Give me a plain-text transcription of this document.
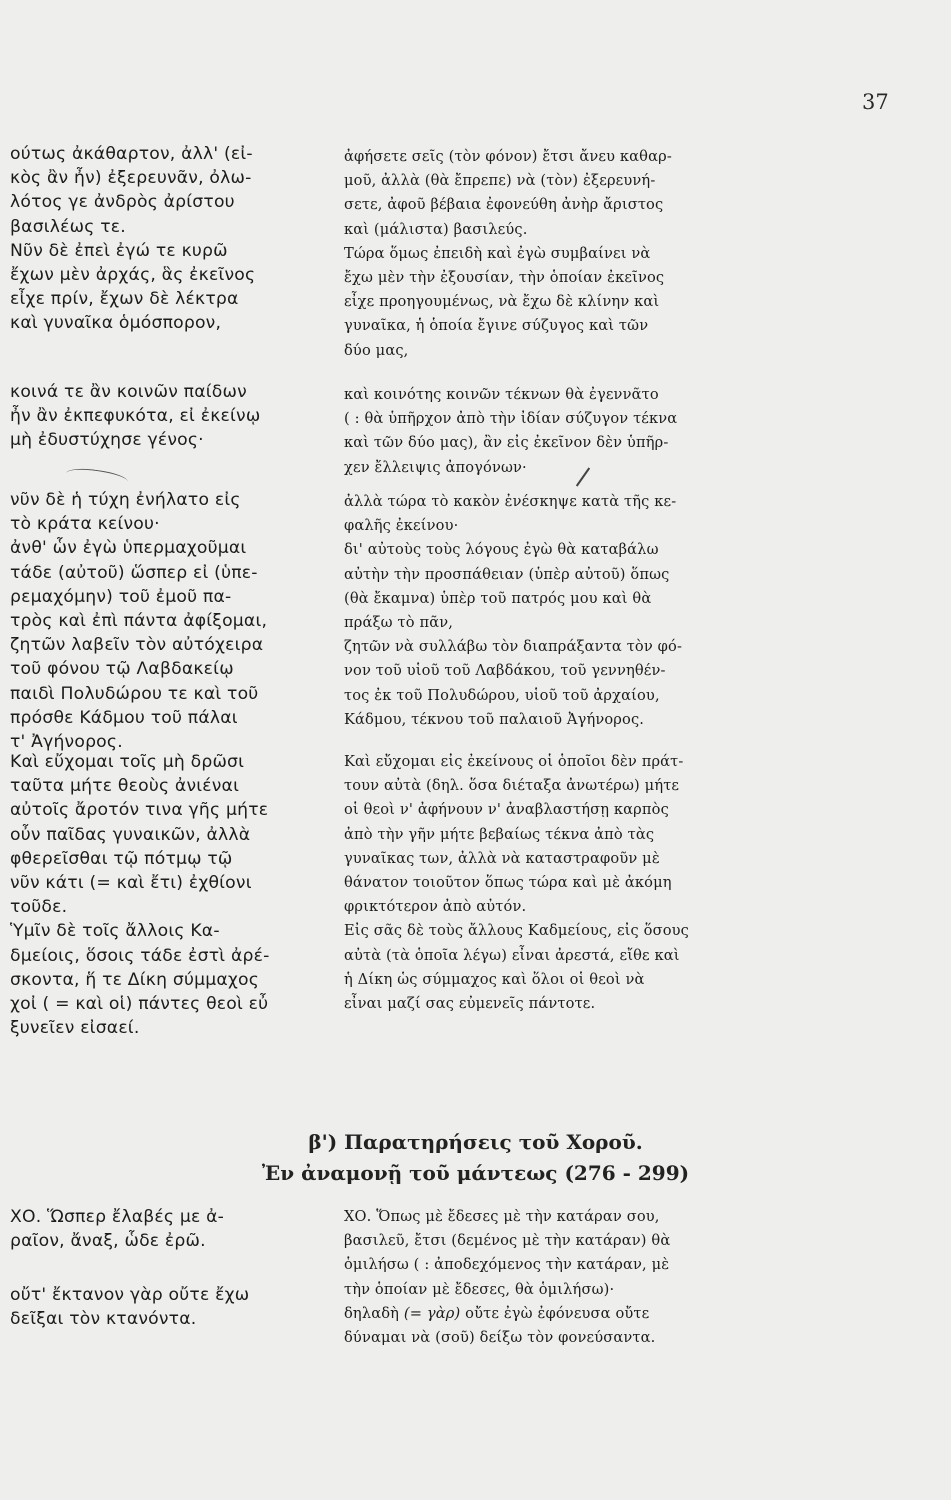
37
ούτως ἀκάθαρτον, ἀλλ' (εἰ-
κὸς ἂν ἦν) ἐξερευνᾶν, ὀλω-
λότος γε ἀνδρὸς ἀρίστου
βασιλέως τε.
Νῦν δὲ ἐπεὶ ἐγώ τε κυρῶ
ἔχων μὲν ἀρχάς, ἃς ἐκεῖνος
εἶχε πρίν, ἔχων δὲ λέκτρα
καὶ γυναῖκα ὁμόσπορον,
κοινά τε ἂν κοινῶν παίδων
ἦν ἂν ἐκπεφυκότα, εἰ ἐκείνῳ
μὴ ἐδυστύχησε γένος·
νῦν δὲ ἡ τύχη ἐνήλατο εἰς
τὸ κράτα κείνου·
ἀνθ' ὧν ἐγὼ ὑπερμαχοῦμαι
τάδε (αὐτοῦ) ὥσπερ εἰ (ὑπε-
ρεμαχόμην) τοῦ ἐμοῦ πα-
τρὸς καὶ ἐπὶ πάντα ἀφίξομαι,
ζητῶν λαβεῖν τὸν αὐτόχειρα
τοῦ φόνου τῷ Λαβδακείῳ
παιδὶ Πολυδώρου τε καὶ τοῦ
πρόσθε Κάδμου τοῦ πάλαι
τ' Ἀγήνορος.
Καὶ εὔχομαι τοῖς μὴ δρῶσι
ταῦτα μήτε θεοὺς ἀνιέναι
αὐτοῖς ἄροτόν τινα γῆς μήτε
οὖν παῖδας γυναικῶν, ἀλλὰ
φθερεῖσθαι τῷ πότμῳ τῷ
νῦν κάτι (= καὶ ἔτι) ἐχθίονι
τοῦδε.
Ὑμῖν δὲ τοῖς ἄλλοις Κα-
δμείοις, ὅσοις τάδε ἐστὶ ἀρέ-
σκοντα, ἥ τε Δίκη σύμμαχος
χοἰ ( = καὶ οἱ) πάντες θεοὶ εὖ
ξυνεῖεν εἰσαεί.
ἀφήσετε σεῖς (τὸν φόνον) ἔτσι ἄνευ καθαρ-
μοῦ, ἀλλὰ (θὰ ἔπρεπε) νὰ (τὸν) ἐξερευνή-
σετε, ἀφοῦ βέβαια ἐφονεύθη ἀνὴρ ἄριστος
καὶ (μάλιστα) βασιλεύς.
Τώρα ὅμως ἐπειδὴ καὶ ἐγὼ συμβαίνει νὰ
ἔχω μὲν τὴν ἐξουσίαν, τὴν ὁποίαν ἐκεῖνος
εἶχε προηγουμένως, νὰ ἔχω δὲ κλίνην καὶ
γυναῖκα, ἡ ὁποία ἔγινε σύζυγος καὶ τῶν
δύο μας,
καὶ κοινότης κοινῶν τέκνων θὰ ἐγεννᾶτο
( : θὰ ὑπῆρχον ἀπὸ τὴν ἰδίαν σύζυγον τέκνα
καὶ τῶν δύο μας), ἂν εἰς ἐκεῖνον δὲν ὑπῆρ-
χεν ἔλλειψις ἀπογόνων·
ἀλλὰ τώρα τὸ κακὸν ἐνέσκηψε κατὰ τῆς κε-
φαλῆς ἐκείνου·
δι' αὐτοὺς τοὺς λόγους ἐγὼ θὰ καταβάλω
αὐτὴν τὴν προσπάθειαν (ὑπὲρ αὐτοῦ) ὅπως
(θὰ ἔκαμνα) ὑπὲρ τοῦ πατρός μου καὶ θὰ
πράξω τὸ πᾶν,
ζητῶν νὰ συλλάβω τὸν διαπράξαντα τὸν φό-
νον τοῦ υἱοῦ τοῦ Λαβδάκου, τοῦ γεννηθέν-
τος ἐκ τοῦ Πολυδώρου, υἱοῦ τοῦ ἀρχαίου,
Κάδμου, τέκνου τοῦ παλαιοῦ Ἀγήνορος.
Καὶ εὔχομαι εἰς ἐκείνους οἱ ὁποῖοι δὲν πράτ-
τουν αὐτὰ (δηλ. ὅσα διέταξα ἀνωτέρω) μήτε
οἱ θεοὶ ν' ἀφήνουν ν' ἀναβλαστήσῃ καρπὸς
ἀπὸ τὴν γῆν μήτε βεβαίως τέκνα ἀπὸ τὰς
γυναῖκας των, ἀλλὰ νὰ καταστραφοῦν μὲ
θάνατον τοιοῦτον ὅπως τώρα καὶ μὲ ἀκόμη
φρικτότερον ἀπὸ αὐτόν.
Εἰς σᾶς δὲ τοὺς ἄλλους Καδμείους, εἰς ὅσους
αὐτὰ (τὰ ὁποῖα λέγω) εἶναι ἀρεστά, εἴθε καὶ
ἡ Δίκη ὡς σύμμαχος καὶ ὅλοι οἱ θεοὶ νὰ
εἶναι μαζί σας εὐμενεῖς πάντοτε.
β') Παρατηρήσεις τοῦ Χοροῦ.
Ἐν ἀναμονῇ τοῦ μάντεως (276 - 299)
ΧΟ. Ὥσπερ ἔλαβές με ἀ-
ραῖον, ἄναξ, ὧδε ἐρῶ.
οὔτ' ἔκτανον γὰρ οὔτε ἔχω
δεῖξαι τὸν κτανόντα.
ΧΟ. Ὅπως μὲ ἔδεσες μὲ τὴν κατάραν σου,
βασιλεῦ, ἔτσι (δεμένος μὲ τὴν κατάραν) θὰ
ὁμιλήσω ( : ἀποδεχόμενος τὴν κατάραν, μὲ
τὴν ὁποίαν μὲ ἔδεσες, θὰ ὁμιλήσω)·
δηλαδὴ (= γὰρ) οὔτε ἐγὼ ἐφόνευσα οὔτε
δύναμαι νὰ (σοῦ) δείξω τὸν φονεύσαντα.
